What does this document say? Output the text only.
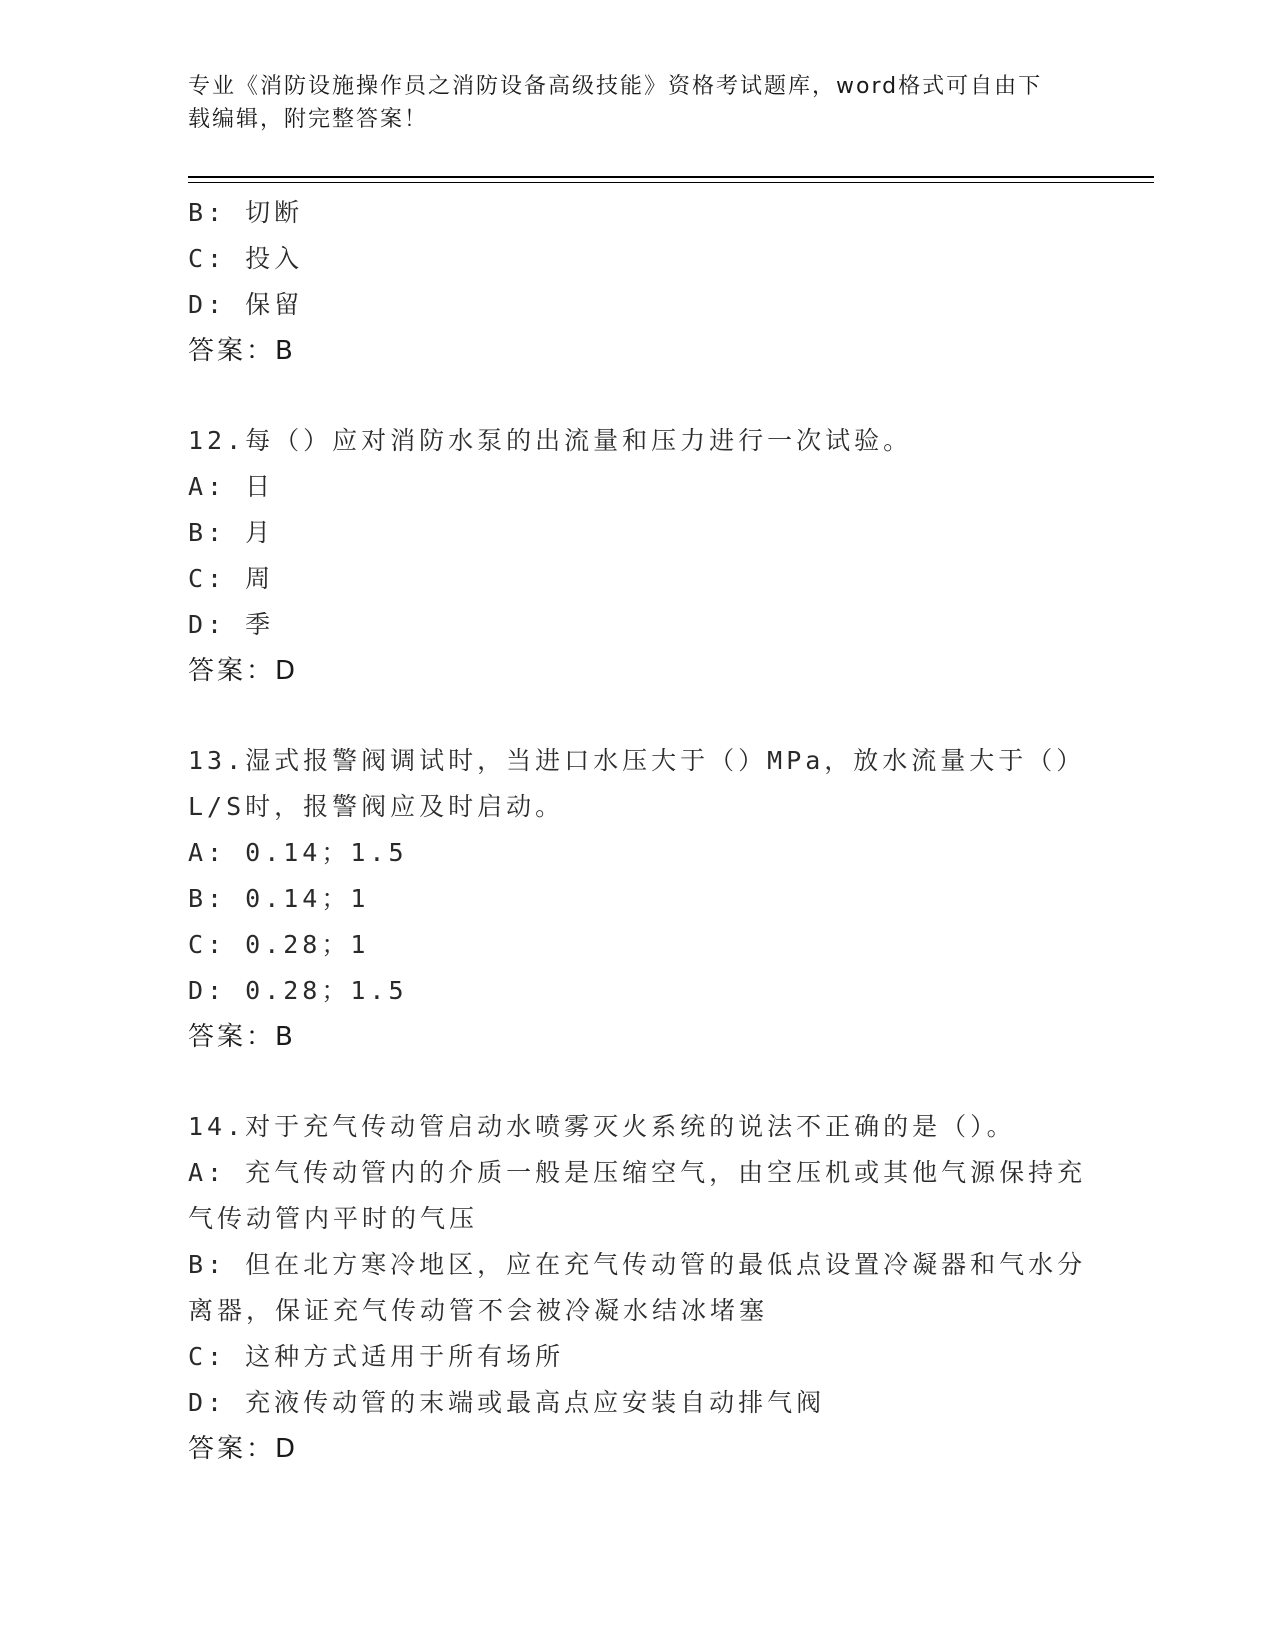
专业《消防设施操作员之消防设备高级技能》资格考试题库，word格式可自由下
载编辑，附完整答案！
B: 切断
C: 投入
D: 保留
答案：B
12.每（）应对消防水泵的出流量和压力进行一次试验。
A: 日
B: 月
C: 周
D: 季
答案：D
13.湿式报警阀调试时，当进口水压大于（）MPa，放水流量大于（）
L/S时，报警阀应及时启动。
A: 0.14；1.5
B: 0.14；1
C: 0.28；1
D: 0.28；1.5
答案：B
14.对于充气传动管启动水喷雾灭火系统的说法不正确的是（）。
A: 充气传动管内的介质一般是压缩空气，由空压机或其他气源保持充
气传动管内平时的气压
B: 但在北方寒冷地区，应在充气传动管的最低点设置冷凝器和气水分
离器，保证充气传动管不会被冷凝水结冰堵塞
C: 这种方式适用于所有场所
D: 充液传动管的末端或最高点应安装自动排气阀
答案：D
